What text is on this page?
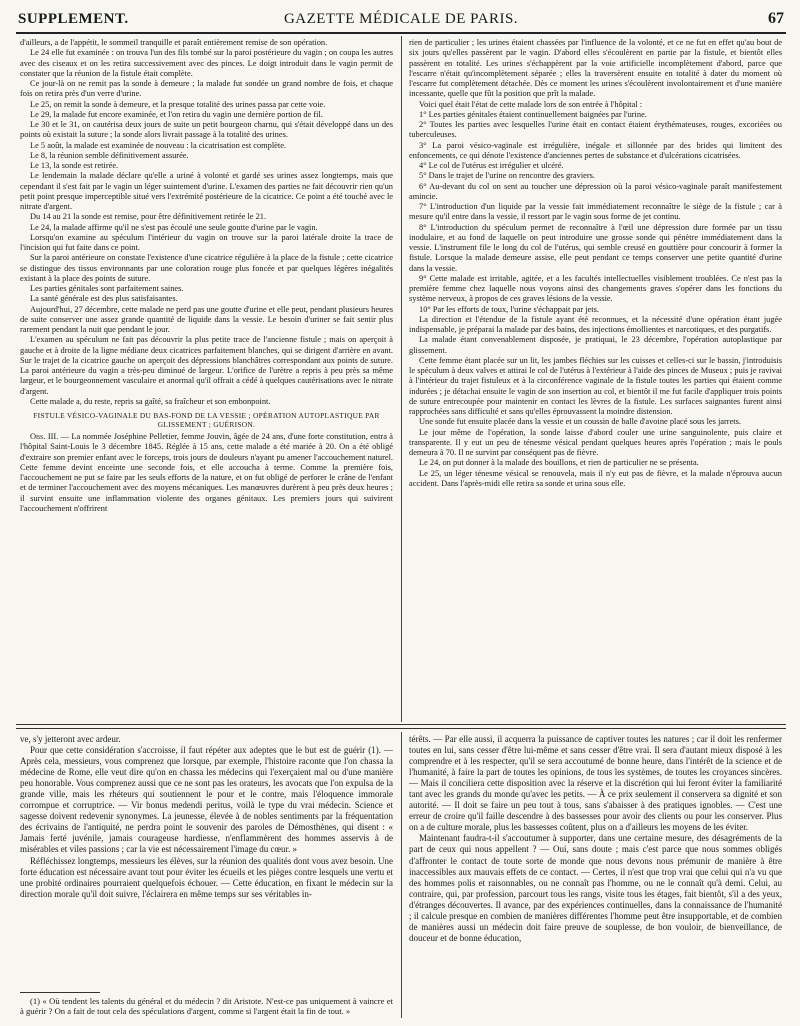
SUPPLEMENT.	GAZETTE MÉDICALE DE PARIS.	67

d'ailleurs, a de l'appétit, le sommeil tranquille et paraît entièrement remise de son opération.

Le 24 elle fut examinée : on trouva l'un des fils tombé sur la paroi postérieure du vagin ; on coupa les autres avec des ciseaux et on les retira successivement avec des pinces. Le doigt introduit dans le vagin permit de constater que la réunion de la fistule était complète.

Ce jour-là on ne remit pas la sonde à demeure ; la malade fut sondée un grand nombre de fois, et chaque fois on retira près d'un verre d'urine.

Le 25, on remit la sonde à demeure, et la presque totalité des urines passa par cette voie.

Le 29, la malade fut encore examinée, et l'on retira du vagin une dernière portion de fil.

Le 30 et le 31, on cautérisa deux jours de suite un petit bourgeon charnu, qui s'était développé dans un des points où existait la suture ; la sonde alors livrait passage à la totalité des urines.

Le 5 août, la malade est examinée de nouveau : la cicatrisation est complète.

Le 8, la réunion semble définitivement assurée.

Le 13, la sonde est retirée.

Le lendemain la malade déclare qu'elle a uriné à volonté et gardé ses urines assez longtemps, mais que cependant il s'est fait par le vagin un léger suintement d'urine. L'examen des parties ne fait découvrir rien qu'un petit point presque imperceptible situé vers l'extrémité postérieure de la cicatrice. Ce point a été touché avec le nitrate d'argent.

Du 14 au 21 la sonde est remise, pour être définitivement retirée le 21.

Le 24, la malade affirme qu'il ne s'est pas écoulé une seule goutte d'urine par le vagin.

Lorsqu'on examine au spéculum l'intérieur du vagin on trouve sur la paroi latérale droite la trace de l'incision qui fut faite dans ce point.

Sur la paroi antérieure on constate l'existence d'une cicatrice régulière à la place de la fistule ; cette cicatrice se distingue des tissus environnants par une coloration rouge plus foncée et par quelques légères inégalités existant à la place des points de suture.

Les parties génitales sont parfaitement saines.

La santé générale est des plus satisfaisantes.

Aujourd'hui, 27 décembre, cette malade ne perd pas une goutte d'urine et elle peut, pendant plusieurs heures de suite conserver une assez grande quantité de liquide dans la vessie. Le besoin d'uriner se fait sentir plus rarement pendant la nuit que pendant le jour.

L'examen au spéculum ne fait pas découvrir la plus petite trace de l'ancienne fistule ; mais on aperçoit à gauche et à droite de la ligne médiane deux cicatrices parfaitement blanches, qui se dirigent d'arrière en avant. Sur le trajet de la cicatrice gauche on aperçoit des dépressions blanchâtres correspondant aux points de suture. La paroi antérieure du vagin a très-peu diminué de largeur. L'orifice de l'urètre a repris à peu près sa même largeur, et le bourgeonnement vasculaire et anormal qu'il offrait a cédé à quelques cautérisations avec le nitrate d'argent.

Cette malade a, du reste, repris sa gaîté, sa fraîcheur et son embonpoint.

FISTULE VÉSICO-VAGINALE DU BAS-FOND DE LA VESSIE ; OPÉRATION AUTOPLASTIQUE PAR GLISSEMENT ; GUÉRISON.

Obs. III. — La nommée Joséphine Pelletier, femme Jouvin, âgée de 24 ans, d'une forte constitution, entra à l'hôpital Saint-Louis le 3 décembre 1845. Réglée à 15 ans, cette malade a été mariée à 20. On a été obligé d'extraire son premier enfant avec le forceps, trois jours de douleurs n'ayant pu amener l'accouchement naturel. Cette femme devint enceinte une seconde fois, et elle accoucha à terme. Comme la première fois, l'accouchement ne put se faire par les seuls efforts de la nature, et on fut obligé de perforer le crâne de l'enfant et de terminer l'accouchement avec des moyens mécaniques. Les manœuvres durèrent à peu près deux heures ; il survint ensuite une inflammation violente des organes génitaux. Les premiers jours qui suivirent l'accouchement n'offrirent

rien de particulier ; les urines étaient chassées par l'influence de la volonté, et ce ne fut en effet qu'au bout de six jours qu'elles passèrent par le vagin. D'abord elles s'écoulèrent en partie par la fistule, et bientôt elles passèrent en totalité. Les urines s'échappèrent par la voie artificielle incomplètement d'abord, parce que l'escarre n'était qu'incomplètement séparée ; elles la traversèrent ensuite en totalité à dater du moment où l'escarre fut complètement détachée. Dès ce moment les urines s'écoulèrent involontairement et d'une manière incessante, quelle que fût la position que prît la malade.

Voici quel était l'état de cette malade lors de son entrée à l'hôpital :

1° Les parties génitales étaient continuellement baignées par l'urine.

2° Toutes les parties avec lesquelles l'urine était en contact étaient érythémateuses, rouges, excoriées ou tuberculeuses.

3° La paroi vésico-vaginale est irrégulière, inégale et sillonnée par des brides qui limitent des enfoncements, ce qui dénote l'existence d'anciennes pertes de substance et d'ulcérations cicatrisées.

4° Le col de l'utérus est irrégulier et ulcéré.

5° Dans le trajet de l'urine on rencontre des graviers.

6° Au-devant du col on sent au toucher une dépression où la paroi vésico-vaginale paraît manifestement amincie.

7° L'introduction d'un liquide par la vessie fait immédiatement reconnaître le siège de la fistule ; car à mesure qu'il entre dans la vessie, il ressort par le vagin sous forme de jet continu.

8° L'introduction du spéculum permet de reconnaître à l'œil une dépression dure formée par un tissu inodulaire, et au fond de laquelle on peut introduire une grosse sonde qui pénètre immédiatement dans la vessie. L'instrument file le long du col de l'utérus, qui semble creusé en gouttière pour concourir à former la fistule. Lorsque la malade demeure assise, elle peut pendant ce temps conserver une petite quantité d'urine dans la vessie.

9° Cette malade est irritable, agitée, et a les facultés intellectuelles visiblement troublées. Ce n'est pas la première femme chez laquelle nous voyons ainsi des changements graves s'opérer dans les fonctions du système nerveux, à propos de ces graves lésions de la vessie.

10° Par les efforts de toux, l'urine s'échappait par jets.

La direction et l'étendue de la fistule ayant été reconnues, et la nécessité d'une opération étant jugée indispensable, je préparai la malade par des bains, des injections émollientes et narcotiques, et des purgatifs.

La malade étant convenablement disposée, je pratiquai, le 23 décembre, l'opération autoplastique par glissement.

Cette femme étant placée sur un lit, les jambes fléchies sur les cuisses et celles-ci sur le bassin, j'introduisis le spéculum à deux valves et attirai le col de l'utérus à l'extérieur à l'aide des pinces de Museux ; puis je ravivai à l'intérieur du trajet fistuleux et à la circonférence vaginale de la fistule toutes les parties qui étaient comme indurées ; je détachai ensuite le vagin de son insertion au col, et bientôt il me fut facile d'appliquer trois points de suture entrecoupée pour maintenir en contact les lèvres de la fistule. Les surfaces saignantes furent ainsi rapprochées sans difficulté et sans qu'elles éprouvassent la moindre distension.

Une sonde fut ensuite placée dans la vessie et un coussin de balle d'avoine placé sous les jarrets.

Le jour même de l'opération, la sonde laisse d'abord couler une urine sanguinolente, puis claire et transparente. Il y eut un peu de ténesme vésical pendant quelques heures après l'opération ; mais le pouls demeura à 70. Il ne survint par conséquent pas de fièvre.

Le 24, on put donner à la malade des bouillons, et rien de particulier ne se présenta.

Le 25, un léger ténesme vésical se renouvela, mais il n'y eut pas de fièvre, et la malade n'éprouva aucun accident. Dans l'après-midi elle retira sa sonde et urina sous elle.

ve, s'y jetteront avec ardeur.

Pour que cette considération s'accroisse, il faut répéter aux adeptes que le but est de guérir (1). — Après cela, messieurs, vous comprenez que lorsque, par exemple, l'histoire raconte que l'on chassa la médecine de Rome, elle veut dire qu'on en chassa les médecins qui l'exerçaient mal ou d'une manière peu honorable. Vous comprenez aussi que ce ne sont pas les orateurs, les avocats que l'on expulsa de la grande ville, mais les rhéteurs qui soutiennent le pour et le contre, mais l'éloquence immorale corrompue et corruptrice. — Vir bonus medendi peritus, voilà le type du vrai médecin. Science et sagesse doivent redevenir synonymes. La jeunesse, élevée à de nobles sentiments par la fréquentation des écrivains de l'antiquité, ne perdra point le souvenir des paroles de Démosthènes, qui disent : « Jamais ferté juvénile, jamais courageuse hardiesse, n'enflammèrent des hommes asservis à de misérables et viles passions ; car la vie est nécessairement l'image du cœur. »

Réfléchissez longtemps, messieurs les élèves, sur la réunion des qualités dont vous avez besoin. Une forte éducation est nécessaire avant tout pour éviter les écueils et les pièges contre lesquels une vertu et une probité ordinaires pourraient quelquefois échouer. — Cette éducation, en fixant le médecin sur la direction morale qu'il doit suivre, l'éclairera en même temps sur ses véritables in-

térêts. — Par elle aussi, il acquerra la puissance de captiver toutes les natures ; car il doit les renfermer toutes en lui, sans cesser d'être lui-même et sans cesser d'être vrai. Il sera d'autant mieux disposé à les comprendre et à les respecter, qu'il se sera accoutumé de bonne heure, dans l'intérêt de la science et de l'humanité, à faire la part de toutes les opinions, de tous les systèmes, de toutes les croyances sincères. — Mais il conciliera cette disposition avec la réserve et la discrétion qui lui feront éviter la familiarité tant avec les grands du monde qu'avec les petits. — À ce prix seulement il conservera sa dignité et son autorité. — Il doit se faire un peu tout à tous, sans s'abaisser à des pratiques ignobles. — C'est une erreur de croire qu'il faille descendre à des bassesses pour avoir des clients ou pour les conserver. Plus on a de culture morale, plus les bassesses coûtent, plus on a d'ailleurs les moyens de les éviter.

Maintenant faudra-t-il s'accoutumer à supporter, dans une certaine mesure, des désagréments de la part de ceux qui nous appellent ? — Oui, sans doute ; mais c'est parce que nous sommes obligés d'affronter le contact de toute sorte de monde que nous devons nous prémunir de manière à être inaccessibles aux mauvais effets de ce contact. — Certes, il n'est que trop vrai que celui qui n'a vu que des hommes polis et raisonnables, ou ne connaît pas l'homme, ou ne le connaît qu'à demi. Celui, au contraire, qui, par profession, parcourt tous les rangs, visite tous les étages, fait bientôt, s'il a des yeux, d'étranges découvertes. Il avance, par des expériences continuelles, dans la connaissance de l'humanité ; il calcule presque en combien de manières différentes l'homme peut être insupportable, et de combien de manières aussi un médecin doit faire preuve de souplesse, de bon vouloir, de bienveillance, de douceur et de bonne éducation,

(1) « Où tendent les talents du général et du médecin ? dit Aristote. N'est-ce pas uniquement à vaincre et à guérir ? On a fait de tout cela des spéculations d'argent, comme si l'argent était la fin de tout. »
